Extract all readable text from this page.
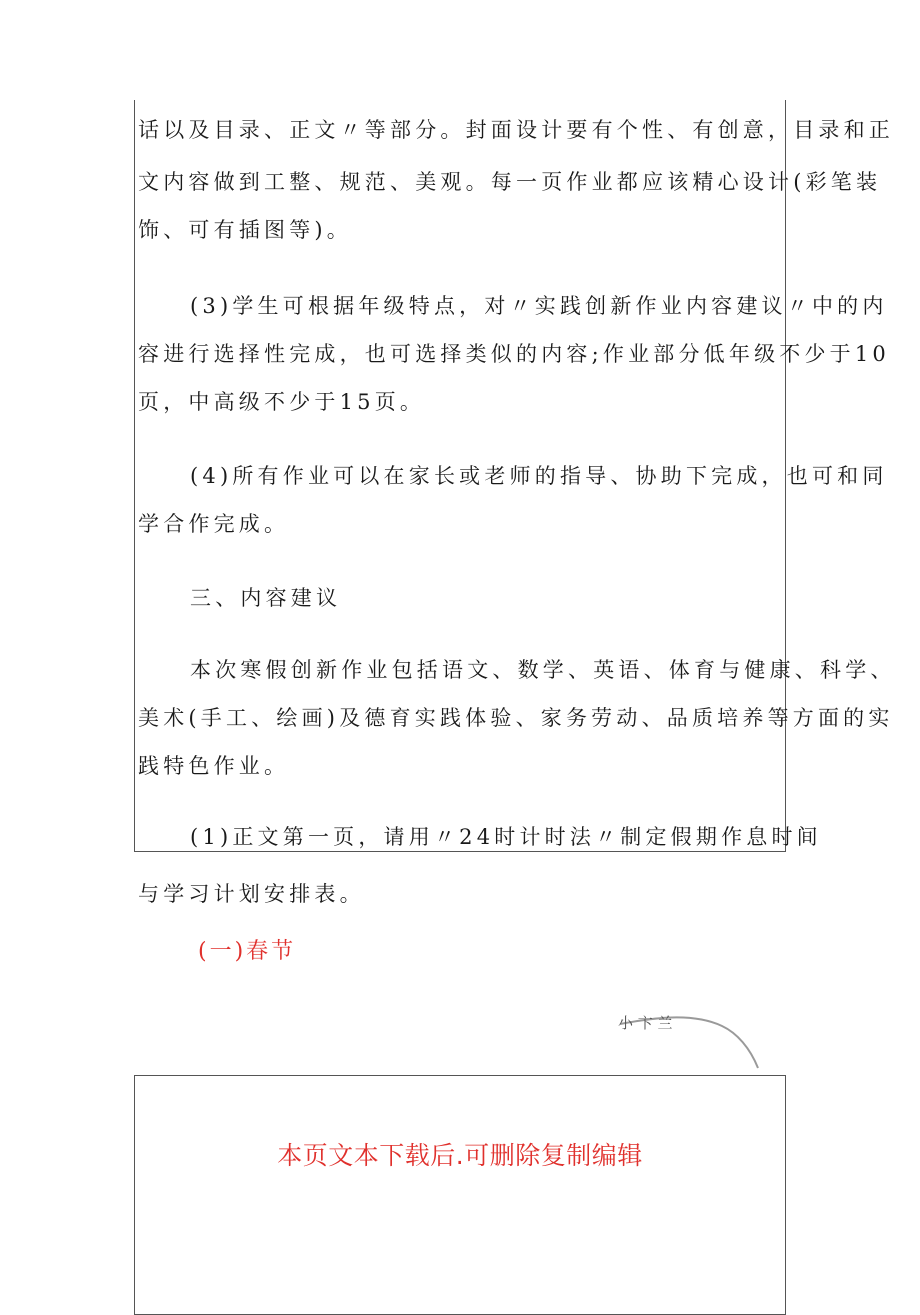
话以及目录、正文〃等部分。封面设计要有个性、有创意，目录和正
文内容做到工整、规范、美观。每一页作业都应该精心设计(彩笔装
饰、可有插图等)。
(3)学生可根据年级特点，对〃实践创新作业内容建议〃中的内
容进行选择性完成，也可选择类似的内容;作业部分低年级不少于10
页，中高级不少于15页。
(4)所有作业可以在家长或老师的指导、协助下完成，也可和同
学合作完成。
三、内容建议
本次寒假创新作业包括语文、数学、英语、体育与健康、科学、
美术(手工、绘画)及德育实践体验、家务劳动、品质培养等方面的实
践特色作业。
(1)正文第一页，请用〃24时计时法〃制定假期作息时间
与学习计划安排表。
(一)春节
小 卞 兰
本页文本下载后.可删除复制编辑
